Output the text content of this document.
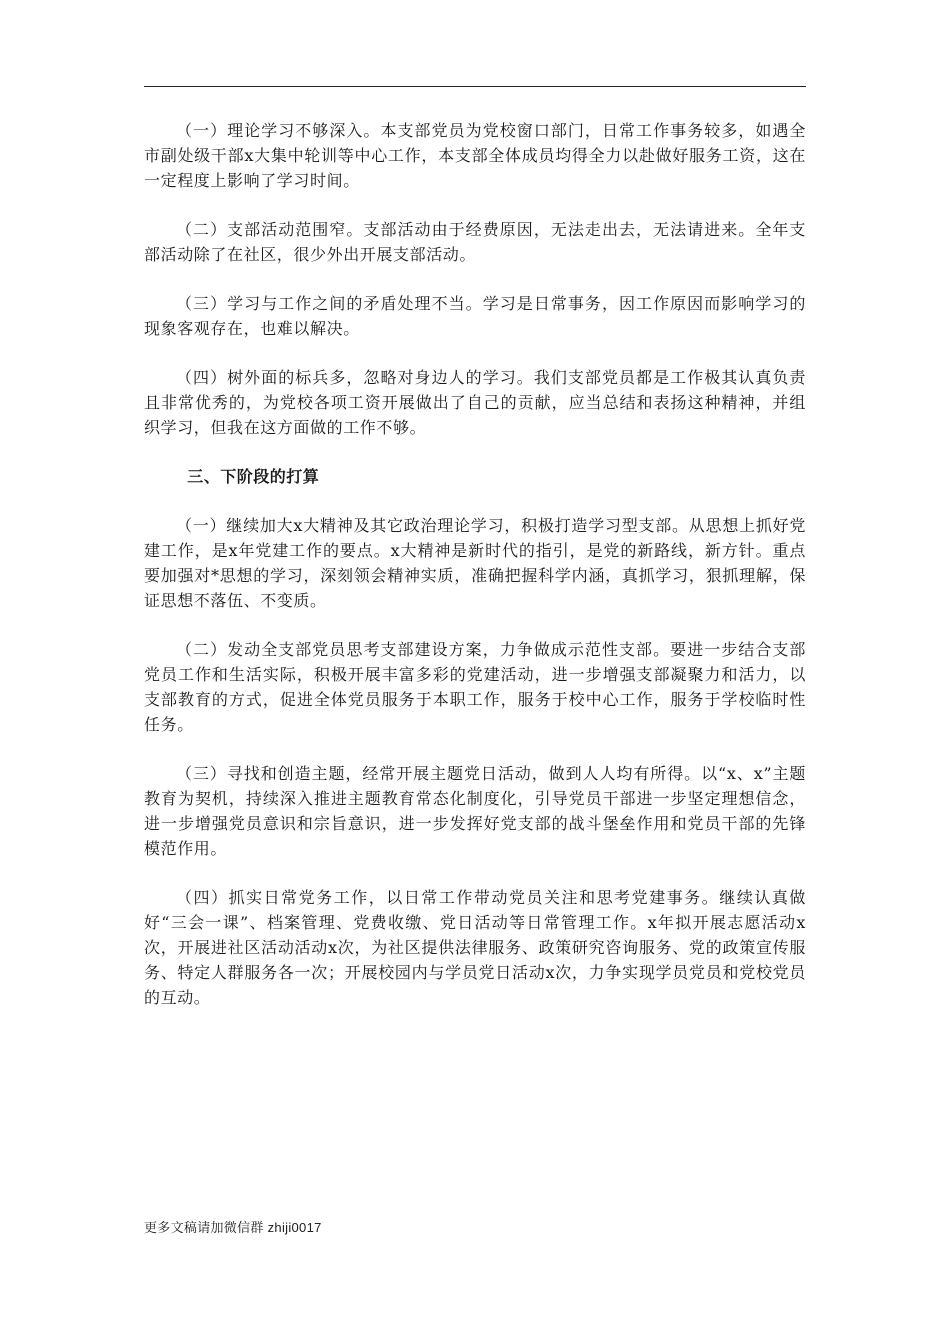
（一）理论学习不够深入。本支部党员为党校窗口部门，日常工作事务较多，如遇全市副处级干部x大集中轮训等中心工作，本支部全体成员均得全力以赴做好服务工资，这在一定程度上影响了学习时间。

（二）支部活动范围窄。支部活动由于经费原因，无法走出去，无法请进来。全年支部活动除了在社区，很少外出开展支部活动。

（三）学习与工作之间的矛盾处理不当。学习是日常事务，因工作原因而影响学习的现象客观存在，也难以解决。

（四）树外面的标兵多，忽略对身边人的学习。我们支部党员都是工作极其认真负责且非常优秀的，为党校各项工资开展做出了自己的贡献，应当总结和表扬这种精神，并组织学习，但我在这方面做的工作不够。

三、下阶段的打算

（一）继续加大x大精神及其它政治理论学习，积极打造学习型支部。从思想上抓好党建工作，是x年党建工作的要点。x大精神是新时代的指引，是党的新路线，新方针。重点要加强对*思想的学习，深刻领会精神实质，准确把握科学内涵，真抓学习，狠抓理解，保证思想不落伍、不变质。

（二）发动全支部党员思考支部建设方案，力争做成示范性支部。要进一步结合支部党员工作和生活实际，积极开展丰富多彩的党建活动，进一步增强支部凝聚力和活力，以支部教育的方式，促进全体党员服务于本职工作，服务于校中心工作，服务于学校临时性任务。

（三）寻找和创造主题，经常开展主题党日活动，做到人人均有所得。以“x、x”主题教育为契机，持续深入推进主题教育常态化制度化，引导党员干部进一步坚定理想信念，进一步增强党员意识和宗旨意识，进一步发挥好党支部的战斗堡垒作用和党员干部的先锋模范作用。

（四）抓实日常党务工作，以日常工作带动党员关注和思考党建事务。继续认真做好“三会一课”、档案管理、党费收缴、党日活动等日常管理工作。x年拟开展志愿活动x次，开展进社区活动活动x次，为社区提供法律服务、政策研究咨询服务、党的政策宣传服务、特定人群服务各一次；开展校园内与学员党日活动x次，力争实现学员党员和党校党员的互动。

更多文稿请加微信群 zhiji0017
